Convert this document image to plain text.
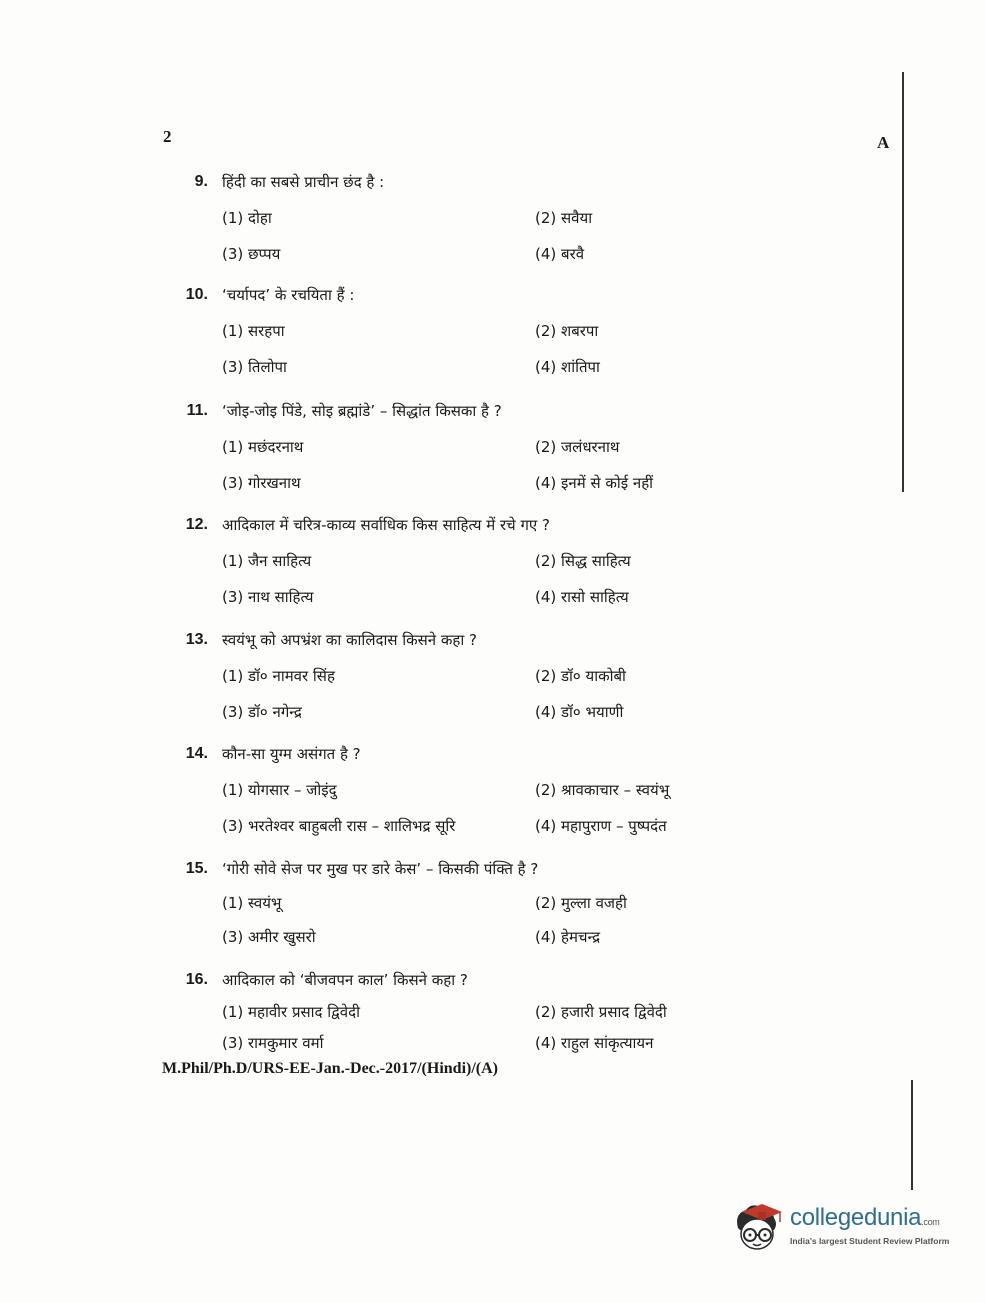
2	A
9. हिंदी का सबसे प्राचीन छंद है :
(1) दोहा	(2) सवैया
(3) छप्पय	(4) बरवै
10. ‘चर्यापद’ के रचयिता हैं :
(1) सरहपा	(2) शबरपा
(3) तिलोपा	(4) शांतिपा
11. ‘जोइ-जोइ पिंडे, सोइ ब्रह्मांडे’ – सिद्धांत किसका है ?
(1) मछंदरनाथ	(2) जलंधरनाथ
(3) गोरखनाथ	(4) इनमें से कोई नहीं
12. आदिकाल में चरित्र-काव्य सर्वाधिक किस साहित्य में रचे गए ?
(1) जैन साहित्य	(2) सिद्ध साहित्य
(3) नाथ साहित्य	(4) रासो साहित्य
13. स्वयंभू को अपभ्रंश का कालिदास किसने कहा ?
(1) डॉ० नामवर सिंह	(2) डॉ० याकोबी
(3) डॉ० नगेन्द्र	(4) डॉ० भयाणी
14. कौन-सा युग्म असंगत है ?
(1) योगसार – जोइंदु	(2) श्रावकाचार – स्वयंभू
(3) भरतेश्वर बाहुबली रास – शालिभद्र सूरि	(4) महापुराण – पुष्पदंत
15. ‘गोरी सोवे सेज पर मुख पर डारे केस’ – किसकी पंक्ति है ?
(1) स्वयंभू	(2) मुल्ला वजही
(3) अमीर खुसरो	(4) हेमचन्द्र
16. आदिकाल को ‘बीजवपन काल’ किसने कहा ?
(1) महावीर प्रसाद द्विवेदी	(2) हजारी प्रसाद द्विवेदी
(3) रामकुमार वर्मा	(4) राहुल सांकृत्यायन
M.Phil/Ph.D/URS-EE-Jan.-Dec.-2017/(Hindi)/(A)
collegedunia.com
India's largest Student Review Platform
